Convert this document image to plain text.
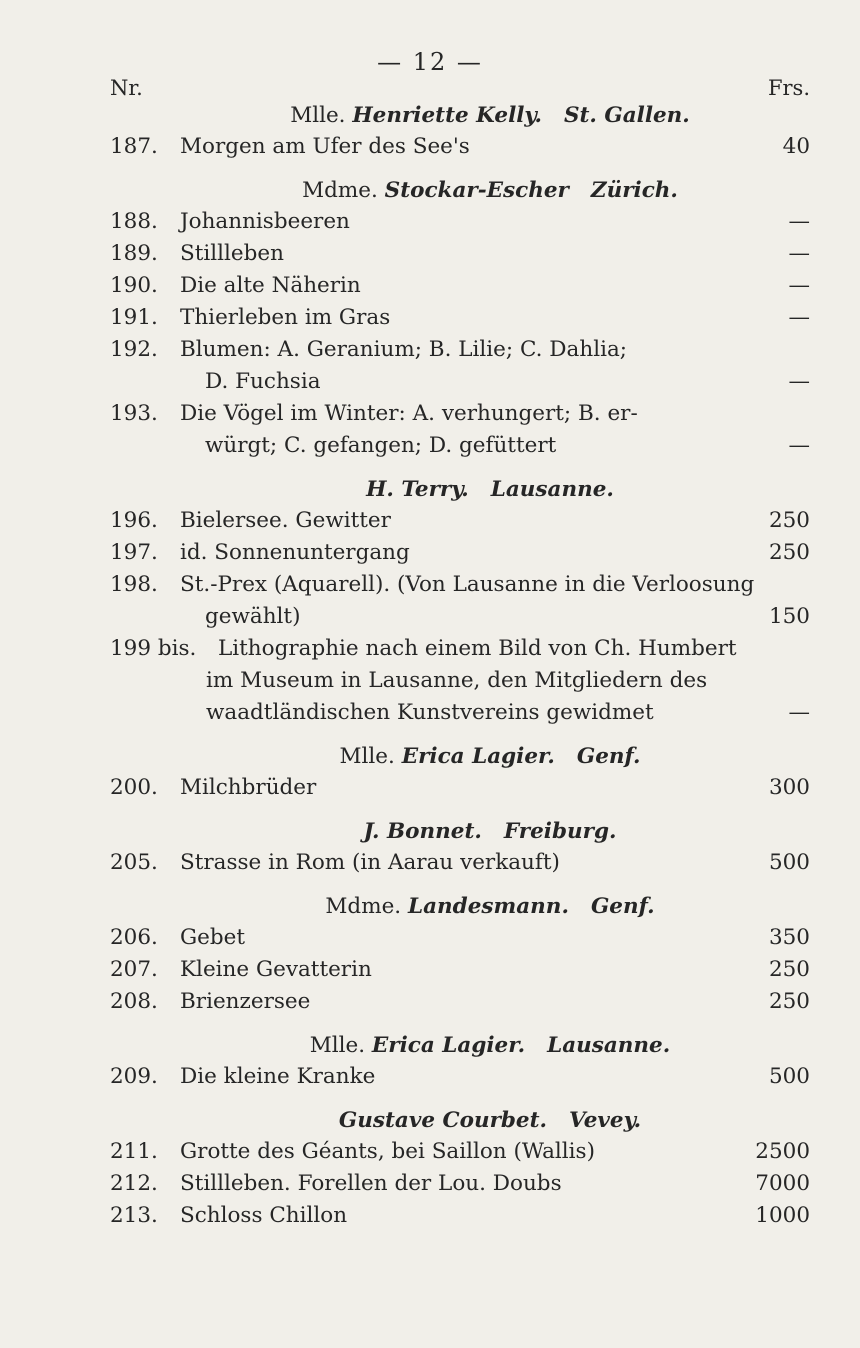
— 12 —
Nr.	Frs.
Mlle. Henriette Kelly. St. Gallen.
187. Morgen am Ufer des See's	40
Mdme. Stockar-Escher Zürich.
188. Johannisbeeren	—
189. Stillleben	—
190. Die alte Näherin	—
191. Thierleben im Gras	—
192. Blumen: A. Geranium; B. Lilie; C. Dahlia;
D. Fuchsia	—
193. Die Vögel im Winter: A. verhungert; B. er-
würgt; C. gefangen; D. gefüttert	—
H. Terry. Lausanne.
196. Bielersee. Gewitter	250
197. id. Sonnenuntergang	250
198. St.-Prex (Aquarell). (Von Lausanne in die Verloosung
gewählt)	150
199 bis. Lithographie nach einem Bild von Ch. Humbert
im Museum in Lausanne, den Mitgliedern des
waadtländischen Kunstvereins gewidmet	—
Mlle. Erica Lagier. Genf.
200. Milchbrüder	300
J. Bonnet. Freiburg.
205. Strasse in Rom (in Aarau verkauft)	500
Mdme. Landesmann. Genf.
206. Gebet	350
207. Kleine Gevatterin	250
208. Brienzersee	250
Mlle. Erica Lagier. Lausanne.
209. Die kleine Kranke	500
Gustave Courbet. Vevey.
211. Grotte des Géants, bei Saillon (Wallis)	2500
212. Stillleben. Forellen der Lou. Doubs	7000
213. Schloss Chillon	1000
